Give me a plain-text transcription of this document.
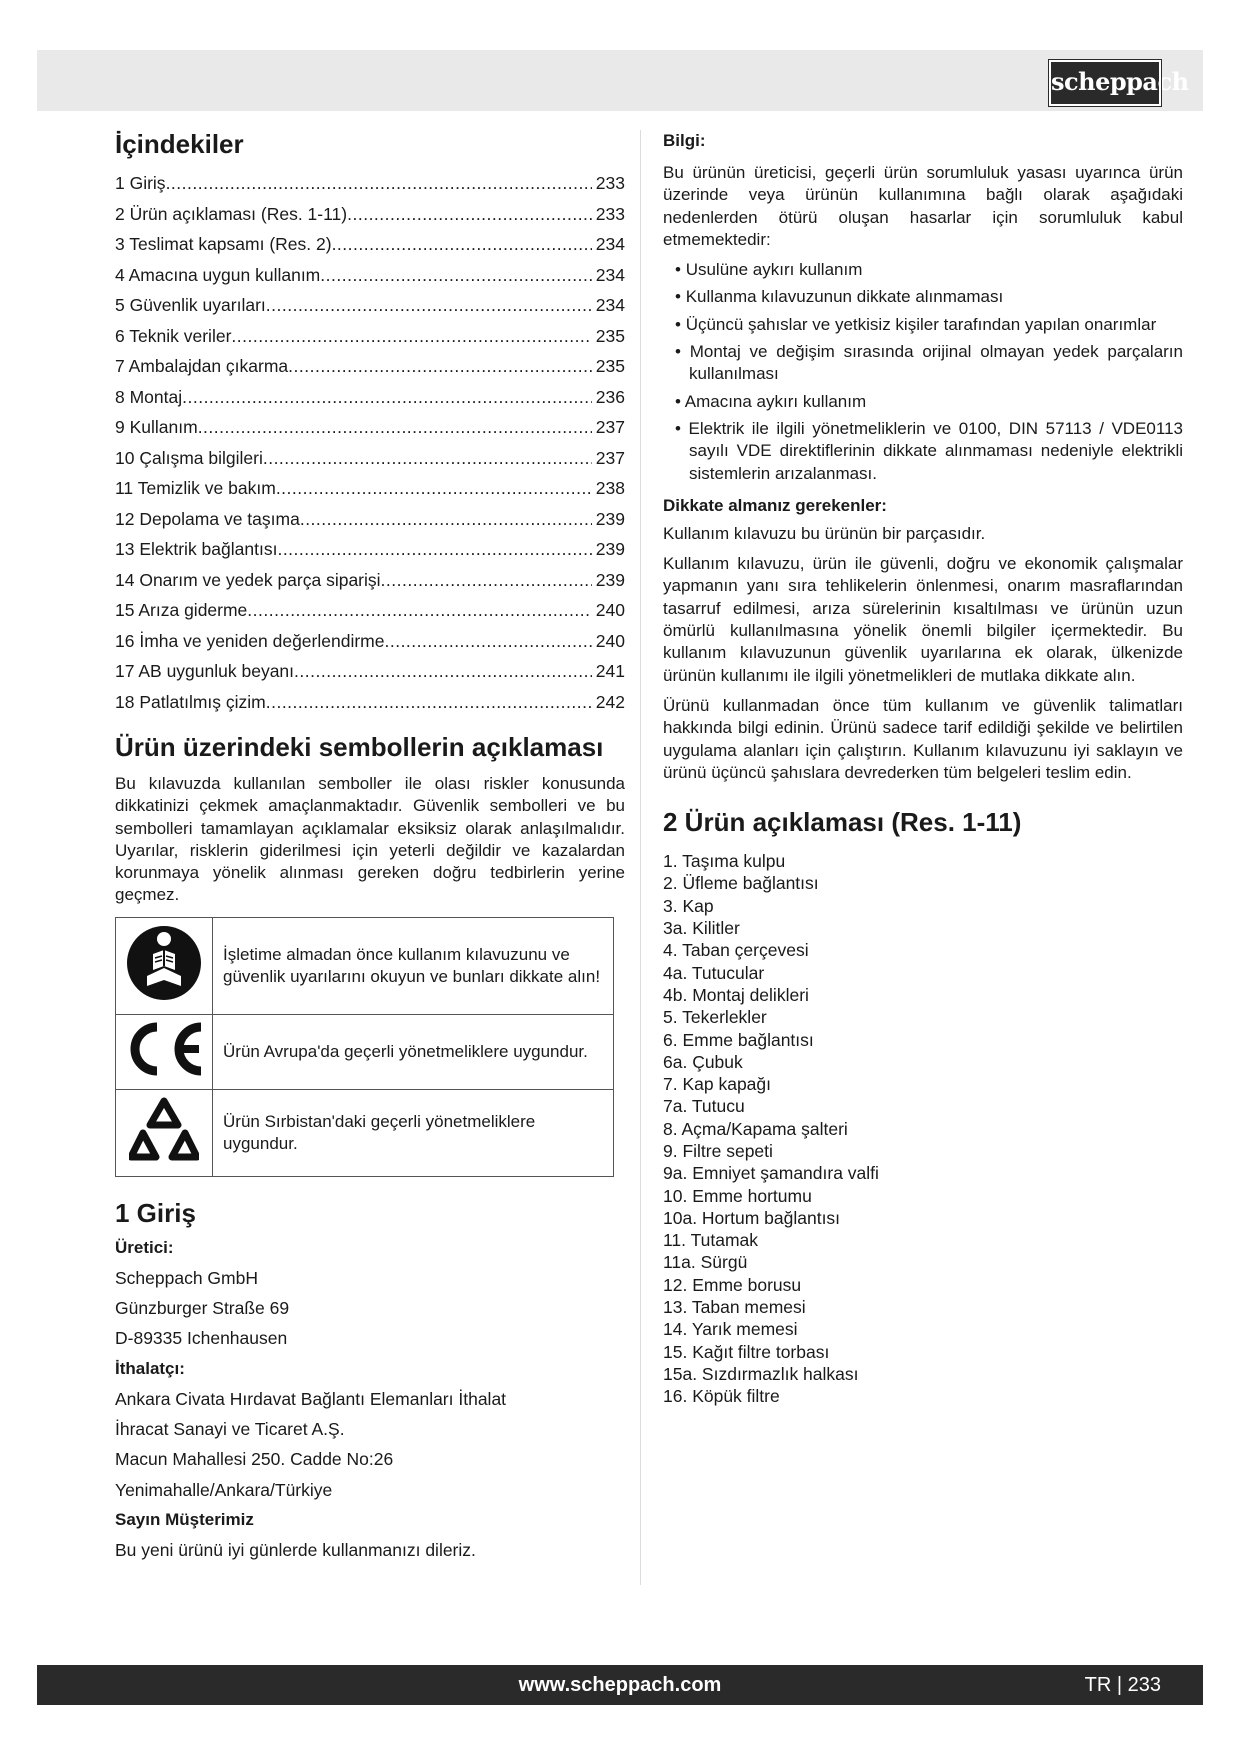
scheppach
İçindekiler
1 Giriş .....	233
2 Ürün açıklaması (Res. 1-11) .....	233
3 Teslimat kapsamı (Res. 2) .....	234
4 Amacına uygun kullanım .....	234
5 Güvenlik uyarıları .....	234
6 Teknik veriler .....	235
7 Ambalajdan çıkarma .....	235
8 Montaj .....	236
9 Kullanım .....	237
10 Çalışma bilgileri .....	237
11 Temizlik ve bakım .....	238
12 Depolama ve taşıma .....	239
13 Elektrik bağlantısı .....	239
14 Onarım ve yedek parça siparişi .....	239
15 Arıza giderme .....	240
16 İmha ve yeniden değerlendirme .....	240
17 AB uygunluk beyanı .....	241
18 Patlatılmış çizim .....	242
Ürün üzerindeki sembollerin açıklaması

Bu kılavuzda kullanılan semboller ile olası riskler konusunda dikkatinizi çekmek amaçlanmaktadır. Güvenlik sembolleri ve bu sembolleri tamamlayan açıklamalar eksiksiz olarak anlaşılmalıdır. Uyarılar, risklerin giderilmesi için yeterli değildir ve kazalardan korunmaya yönelik alınması gereken doğru tedbirlerin yerine geçmez.

	İşletime almadan önce kullanım kılavuzunu ve güvenlik uyarılarını okuyun ve bunları dikkate alın!
	Ürün Avrupa'da geçerli yönetmeliklere uygundur.
	Ürün Sırbistan'daki geçerli yönetmeliklere uygundur.
1 Giriş
Üretici:
Scheppach GmbH
Günzburger Straße 69
D-89335 Ichenhausen
İthalatçı:
Ankara Civata Hırdavat Bağlantı Elemanları İthalat
İhracat Sanayi ve Ticaret A.Ş.
Macun Mahallesi 250. Cadde No:26
Yenimahalle/Ankara/Türkiye
Sayın Müşterimiz
Bu yeni ürünü iyi günlerde kullanmanızı dileriz.
Bilgi:

Bu ürünün üreticisi, geçerli ürün sorumluluk yasası uyarınca ürün üzerinde veya ürünün kullanımına bağlı olarak aşağıdaki nedenlerden ötürü oluşan hasarlar için sorumluluk kabul etmemektedir:

• Usulüne aykırı kullanım
• Kullanma kılavuzunun dikkate alınmaması
• Üçüncü şahıslar ve yetkisiz kişiler tarafından yapılan onarımlar
• Montaj ve değişim sırasında orijinal olmayan yedek parçaların kullanılması
• Amacına aykırı kullanım
• Elektrik ile ilgili yönetmeliklerin ve 0100, DIN 57113 / VDE0113 sayılı VDE direktiflerinin dikkate alınmaması nedeniyle elektrikli sistemlerin arızalanması.
Dikkate almanız gerekenler:

Kullanım kılavuzu bu ürünün bir parçasıdır.

Kullanım kılavuzu, ürün ile güvenli, doğru ve ekonomik çalışmalar yapmanın yanı sıra tehlikelerin önlenmesi, onarım masraflarından tasarruf edilmesi, arıza sürelerinin kısaltılması ve ürünün uzun ömürlü kullanılmasına yönelik önemli bilgiler içermektedir. Bu kullanım kılavuzunun güvenlik uyarılarına ek olarak, ülkenizde ürünün kullanımı ile ilgili yönetmelikleri de mutlaka dikkate alın.

Ürünü kullanmadan önce tüm kullanım ve güvenlik talimatları hakkında bilgi edinin. Ürünü sadece tarif edildiği şekilde ve belirtilen uygulama alanları için çalıştırın. Kullanım kılavuzunu iyi saklayın ve ürünü üçüncü şahıslara devrederken tüm belgeleri teslim edin.

2 Ürün açıklaması (Res. 1-11)
1. Taşıma kulpu
2. Üfleme bağlantısı
3. Kap
3a. Kilitler
4. Taban çerçevesi
4a. Tutucular
4b. Montaj delikleri
5. Tekerlekler
6. Emme bağlantısı
6a. Çubuk
7. Kap kapağı
7a. Tutucu
8. Açma/Kapama şalteri
9. Filtre sepeti
9a. Emniyet şamandıra valfi
10. Emme hortumu
10a. Hortum bağlantısı
11. Tutamak
11a. Sürgü
12. Emme borusu
13. Taban memesi
14. Yarık memesi
15. Kağıt filtre torbası
15a. Sızdırmazlık halkası
16. Köpük filtre
www.scheppach.com	TR | 233
